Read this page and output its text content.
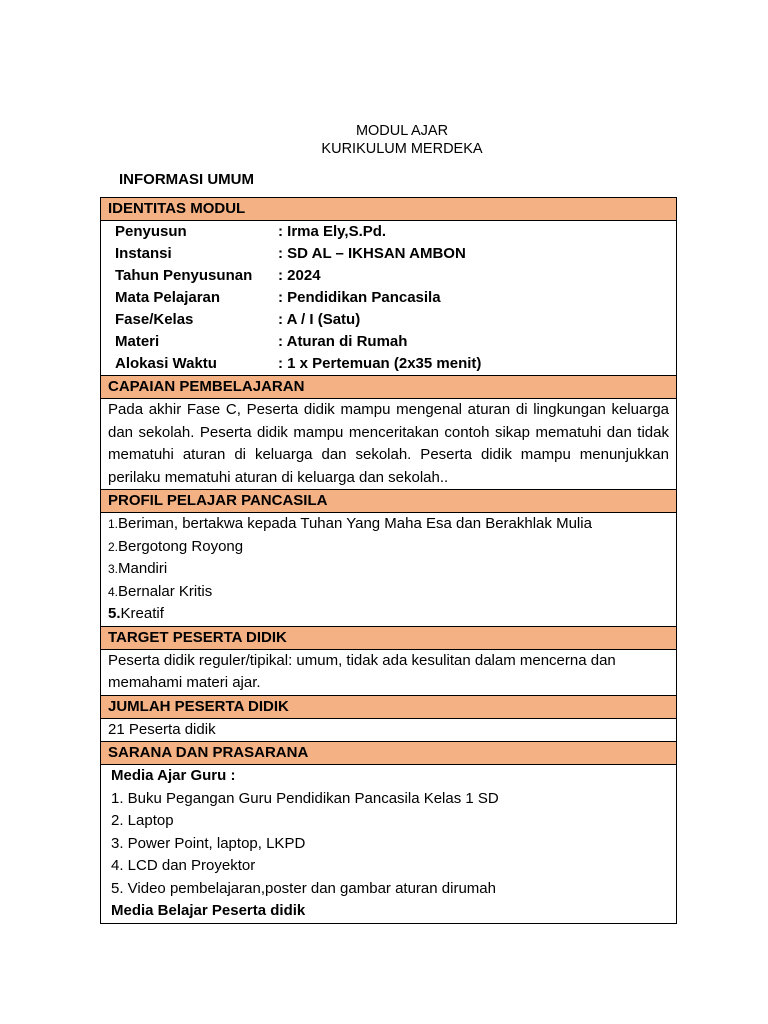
MODUL AJAR
KURIKULUM MERDEKA
INFORMASI UMUM
IDENTITAS MODUL

Penyusun	: Irma Ely,S.Pd.
Instansi	: SD AL – IKHSAN AMBON
Tahun Penyusunan	: 2024
Mata Pelajaran	: Pendidikan Pancasila
Fase/Kelas	: A / I (Satu)
Materi	: Aturan di Rumah
Alokasi Waktu	: 1 x Pertemuan (2x35 menit)

CAPAIAN PEMBELAJARAN

Pada akhir Fase C, Peserta didik mampu mengenal aturan di lingkungan keluarga dan sekolah. Peserta didik mampu menceritakan contoh sikap mematuhi dan tidak mematuhi aturan di keluarga dan sekolah. Peserta didik mampu menunjukkan perilaku mematuhi aturan di keluarga dan sekolah..

PROFIL PELAJAR PANCASILA

1.Beriman, bertakwa kepada Tuhan Yang Maha Esa dan Berakhlak Mulia
2.Bergotong Royong
3.Mandiri
4.Bernalar Kritis
5.Kreatif

TARGET PESERTA DIDIK

Peserta didik reguler/tipikal: umum, tidak ada kesulitan dalam mencerna dan memahami materi ajar.

JUMLAH PESERTA DIDIK

21 Peserta didik

SARANA DAN PRASARANA

Media Ajar Guru :
1. Buku Pegangan Guru Pendidikan Pancasila Kelas 1 SD
2. Laptop
3. Power Point, laptop, LKPD
4. LCD dan Proyektor
5. Video pembelajaran,poster dan gambar aturan dirumah
Media Belajar Peserta didik
